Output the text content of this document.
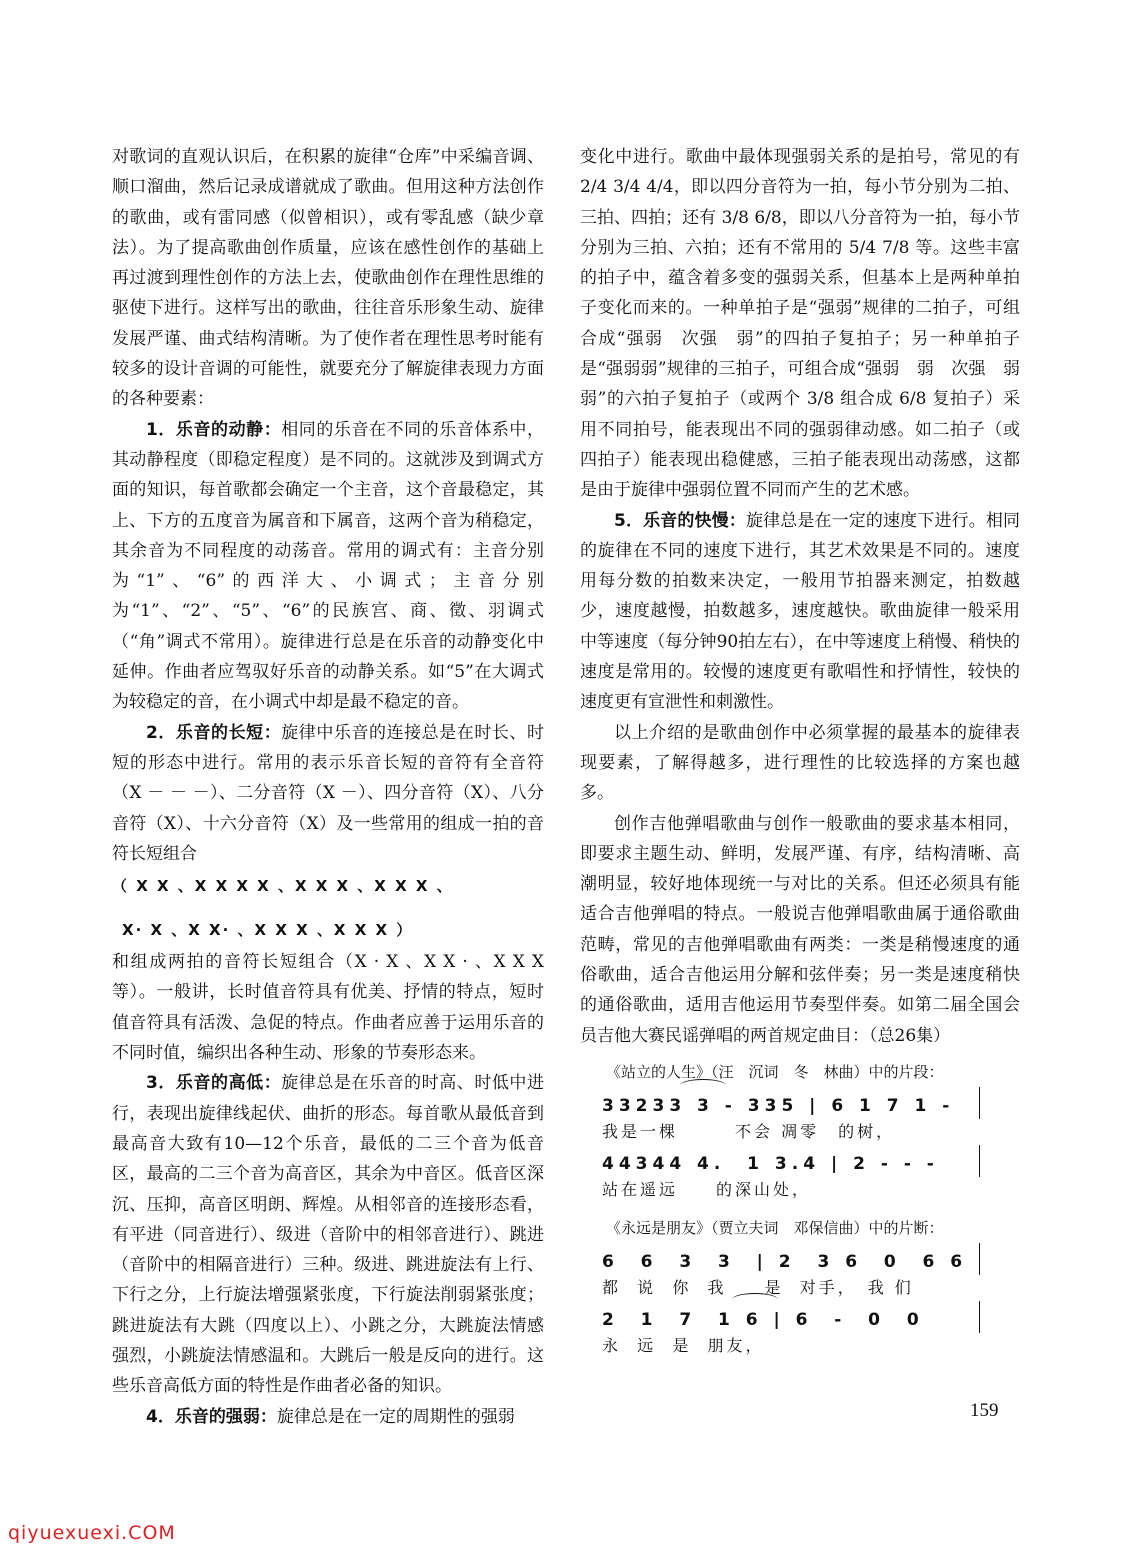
对歌词的直观认识后，在积累的旋律“仓库”中采编音调、顺口溜曲，然后记录成谱就成了歌曲。但用这种方法创作的歌曲，或有雷同感（似曾相识），或有零乱感（缺少章法）。为了提高歌曲创作质量，应该在感性创作的基础上再过渡到理性创作的方法上去，使歌曲创作在理性思维的驱使下进行。这样写出的歌曲，往往音乐形象生动、旋律发展严谨、曲式结构清晰。为了使作者在理性思考时能有较多的设计音调的可能性，就要充分了解旋律表现力方面的各种要素：

1．乐音的动静：相同的乐音在不同的乐音体系中，其动静程度（即稳定程度）是不同的。这就涉及到调式方面的知识，每首歌都会确定一个主音，这个音最稳定，其上、下方的五度音为属音和下属音，这两个音为稍稳定，其余音为不同程度的动荡音。常用的调式有：主音分别为“1”、“6”的西洋大、小调式；主音分别为“1”、“2”、“5”、“6”的民族宫、商、徵、羽调式（“角”调式不常用）。旋律进行总是在乐音的动静变化中延伸。作曲者应驾驭好乐音的动静关系。如“5”在大调式为较稳定的音，在小调式中却是最不稳定的音。

2．乐音的长短：旋律中乐音的连接总是在时长、时短的形态中进行。常用的表示乐音长短的音符有全音符（X － － －）、二分音符（X －）、四分音符（X）、八分音符（X）、十六分音符（X）及一些常用的组成一拍的音符长短组合

（ X X 、X X X X 、X X X 、X X X 、
X· X 、X X· 、X X X 、X X X ）

和组成两拍的音符长短组合（X · X 、X X · 、X X X 等）。一般讲，长时值音符具有优美、抒情的特点，短时值音符具有活泼、急促的特点。作曲者应善于运用乐音的不同时值，编织出各种生动、形象的节奏形态来。

3．乐音的高低：旋律总是在乐音的时高、时低中进行，表现出旋律线起伏、曲折的形态。每首歌从最低音到最高音大致有10—12个乐音，最低的二三个音为低音区，最高的二三个音为高音区，其余为中音区。低音区深沉、压抑，高音区明朗、辉煌。从相邻音的连接形态看，有平进（同音进行）、级进（音阶中的相邻音进行）、跳进（音阶中的相隔音进行）三种。级进、跳进旋法有上行、下行之分，上行旋法增强紧张度，下行旋法削弱紧张度；跳进旋法有大跳（四度以上）、小跳之分，大跳旋法情感强烈，小跳旋法情感温和。大跳后一般是反向的进行。这些乐音高低方面的特性是作曲者必备的知识。

4．乐音的强弱：旋律总是在一定的周期性的强弱

变化中进行。歌曲中最体现强弱关系的是拍号，常见的有 2/4 3/4 4/4，即以四分音符为一拍，每小节分别为二拍、三拍、四拍；还有 3/8 6/8，即以八分音符为一拍，每小节分别为三拍、六拍；还有不常用的 5/4 7/8 等。这些丰富的拍子中，蕴含着多变的强弱关系，但基本上是两种单拍子变化而来的。一种单拍子是“强弱”规律的二拍子，可组合成“强弱　次强　弱”的四拍子复拍子；另一种单拍子是“强弱弱”规律的三拍子，可组合成“强弱　弱　次强　弱　弱”的六拍子复拍子（或两个 3/8 组合成 6/8 复拍子）采用不同拍号，能表现出不同的强弱律动感。如二拍子（或四拍子）能表现出稳健感，三拍子能表现出动荡感，这都是由于旋律中强弱位置不同而产生的艺术感。

5．乐音的快慢：旋律总是在一定的速度下进行。相同的旋律在不同的速度下进行，其艺术效果是不同的。速度用每分数的拍数来决定，一般用节拍器来测定，拍数越少，速度越慢，拍数越多，速度越快。歌曲旋律一般采用中等速度（每分钟90拍左右），在中等速度上稍慢、稍快的速度是常用的。较慢的速度更有歌唱性和抒情性，较快的速度更有宣泄性和刺激性。

以上介绍的是歌曲创作中必须掌握的最基本的旋律表现要素，了解得越多，进行理性的比较选择的方案也越多。

创作吉他弹唱歌曲与创作一般歌曲的要求基本相同，即要求主题生动、鲜明，发展严谨、有序，结构清晰、高潮明显，较好地体现统一与对比的关系。但还必须具有能适合吉他弹唱的特点。一般说吉他弹唱歌曲属于通俗歌曲范畴，常见的吉他弹唱歌曲有两类：一类是稍慢速度的通俗歌曲，适合吉他运用分解和弦伴奏；另一类是速度稍快的通俗歌曲，适用吉他运用节奏型伴奏。如第二届全国会员吉他大赛民谣弹唱的两首规定曲目：（总26集）

《站立的人生》（汪　沉词　冬　林曲）中的片段：
33233 3 - 335 | 6 1 7 1 -
我是一棵　　　不会 凋零　的树，
44344 4.  1 3.4 | 2 - - -
站在遥远　　的深山处，
《永远是朋友》（贾立夫词　邓保信曲）中的片断：
6  6  3  3  | 2  3 6  0  6 6
都  说  你  我　　是  对手，　我 们
2  1  7  1 6 | 6  -  0  0
永  远  是  朋友，
159
qiyuexuexi.COM
